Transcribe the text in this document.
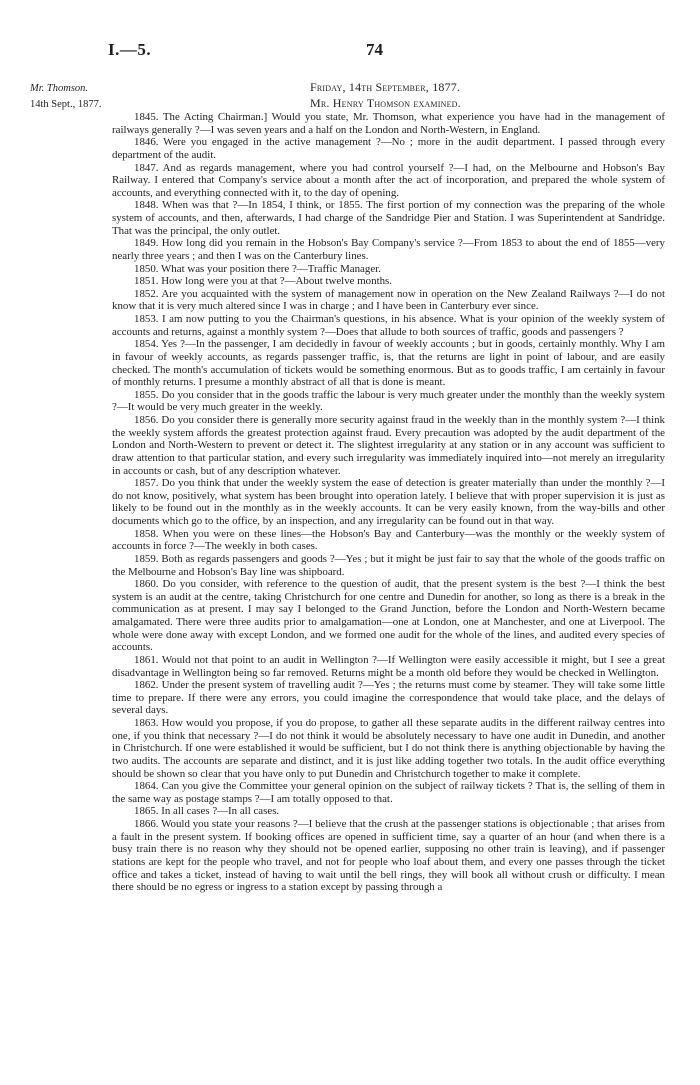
I.—5.	74
Mr. Thomson.
14th Sept., 1877.
Friday, 14th September, 1877.
Mr. Henry Thomson examined.

1845. The Acting Chairman.] Would you state, Mr. Thomson, what experience you have had in the management of railways generally ?—I was seven years and a half on the London and North-Western, in England.

1846. Were you engaged in the active management ?—No ; more in the audit department. I passed through every department of the audit.

1847. And as regards management, where you had control yourself ?—I had, on the Melbourne and Hobson's Bay Railway. I entered that Company's service about a month after the act of incorporation, and prepared the whole system of accounts, and everything connected with it, to the day of opening.

1848. When was that ?—In 1854, I think, or 1855. The first portion of my connection was the preparing of the whole system of accounts, and then, afterwards, I had charge of the Sandridge Pier and Station. I was Superintendent at Sandridge. That was the principal, the only outlet.

1849. How long did you remain in the Hobson's Bay Company's service ?—From 1853 to about the end of 1855—very nearly three years ; and then I was on the Canterbury lines.

1850. What was your position there ?—Traffic Manager.

1851. How long were you at that ?—About twelve months.

1852. Are you acquainted with the system of management now in operation on the New Zealand Railways ?—I do not know that it is very much altered since I was in charge ; and I have been in Canterbury ever since.

1853. I am now putting to you the Chairman's questions, in his absence. What is your opinion of the weekly system of accounts and returns, against a monthly system ?—Does that allude to both sources of traffic, goods and passengers ?

1854. Yes ?—In the passenger, I am decidedly in favour of weekly accounts ; but in goods, certainly monthly. Why I am in favour of weekly accounts, as regards passenger traffic, is, that the returns are light in point of labour, and are easily checked. The month's accumulation of tickets would be something enormous. But as to goods traffic, I am certainly in favour of monthly returns. I presume a monthly abstract of all that is done is meant.

1855. Do you consider that in the goods traffic the labour is very much greater under the monthly than the weekly system ?—It would be very much greater in the weekly.

1856. Do you consider there is generally more security against fraud in the weekly than in the monthly system ?—I think the weekly system affords the greatest protection against fraud. Every precaution was adopted by the audit department of the London and North-Western to prevent or detect it. The slightest irregularity at any station or in any account was sufficient to draw attention to that particular station, and every such irregularity was immediately inquired into—not merely an irregularity in accounts or cash, but of any description whatever.

1857. Do you think that under the weekly system the ease of detection is greater materially than under the monthly ?—I do not know, positively, what system has been brought into operation lately. I believe that with proper supervision it is just as likely to be found out in the monthly as in the weekly accounts. It can be very easily known, from the way-bills and other documents which go to the office, by an inspection, and any irregularity can be found out in that way.

1858. When you were on these lines—the Hobson's Bay and Canterbury—was the monthly or the weekly system of accounts in force ?—The weekly in both cases.

1859. Both as regards passengers and goods ?—Yes ; but it might be just fair to say that the whole of the goods traffic on the Melbourne and Hobson's Bay line was shipboard.

1860. Do you consider, with reference to the question of audit, that the present system is the best ?—I think the best system is an audit at the centre, taking Christchurch for one centre and Dunedin for another, so long as there is a break in the communication as at present. I may say I belonged to the Grand Junction, before the London and North-Western became amalgamated. There were three audits prior to amalgamation—one at London, one at Manchester, and one at Liverpool. The whole were done away with except London, and we formed one audit for the whole of the lines, and audited every species of accounts.

1861. Would not that point to an audit in Wellington ?—If Wellington were easily accessible it might, but I see a great disadvantage in Wellington being so far removed. Returns might be a month old before they would be checked in Wellington.

1862. Under the present system of travelling audit ?—Yes ; the returns must come by steamer. They will take some little time to prepare. If there were any errors, you could imagine the correspondence that would take place, and the delays of several days.

1863. How would you propose, if you do propose, to gather all these separate audits in the different railway centres into one, if you think that necessary ?—I do not think it would be absolutely necessary to have one audit in Dunedin, and another in Christchurch. If one were established it would be sufficient, but I do not think there is anything objectionable by having the two audits. The accounts are separate and distinct, and it is just like adding together two totals. In the audit office everything should be shown so clear that you have only to put Dunedin and Christchurch together to make it complete.

1864. Can you give the Committee your general opinion on the subject of railway tickets ? That is, the selling of them in the same way as postage stamps ?—I am totally opposed to that.

1865. In all cases ?—In all cases.

1866. Would you state your reasons ?—I believe that the crush at the passenger stations is objectionable ; that arises from a fault in the present system. If booking offices are opened in sufficient time, say a quarter of an hour (and when there is a busy train there is no reason why they should not be opened earlier, supposing no other train is leaving), and if passenger stations are kept for the people who travel, and not for people who loaf about them, and every one passes through the ticket office and takes a ticket, instead of having to wait until the bell rings, they will book all without crush or difficulty. I mean there should be no egress or ingress to a station except by passing through a
